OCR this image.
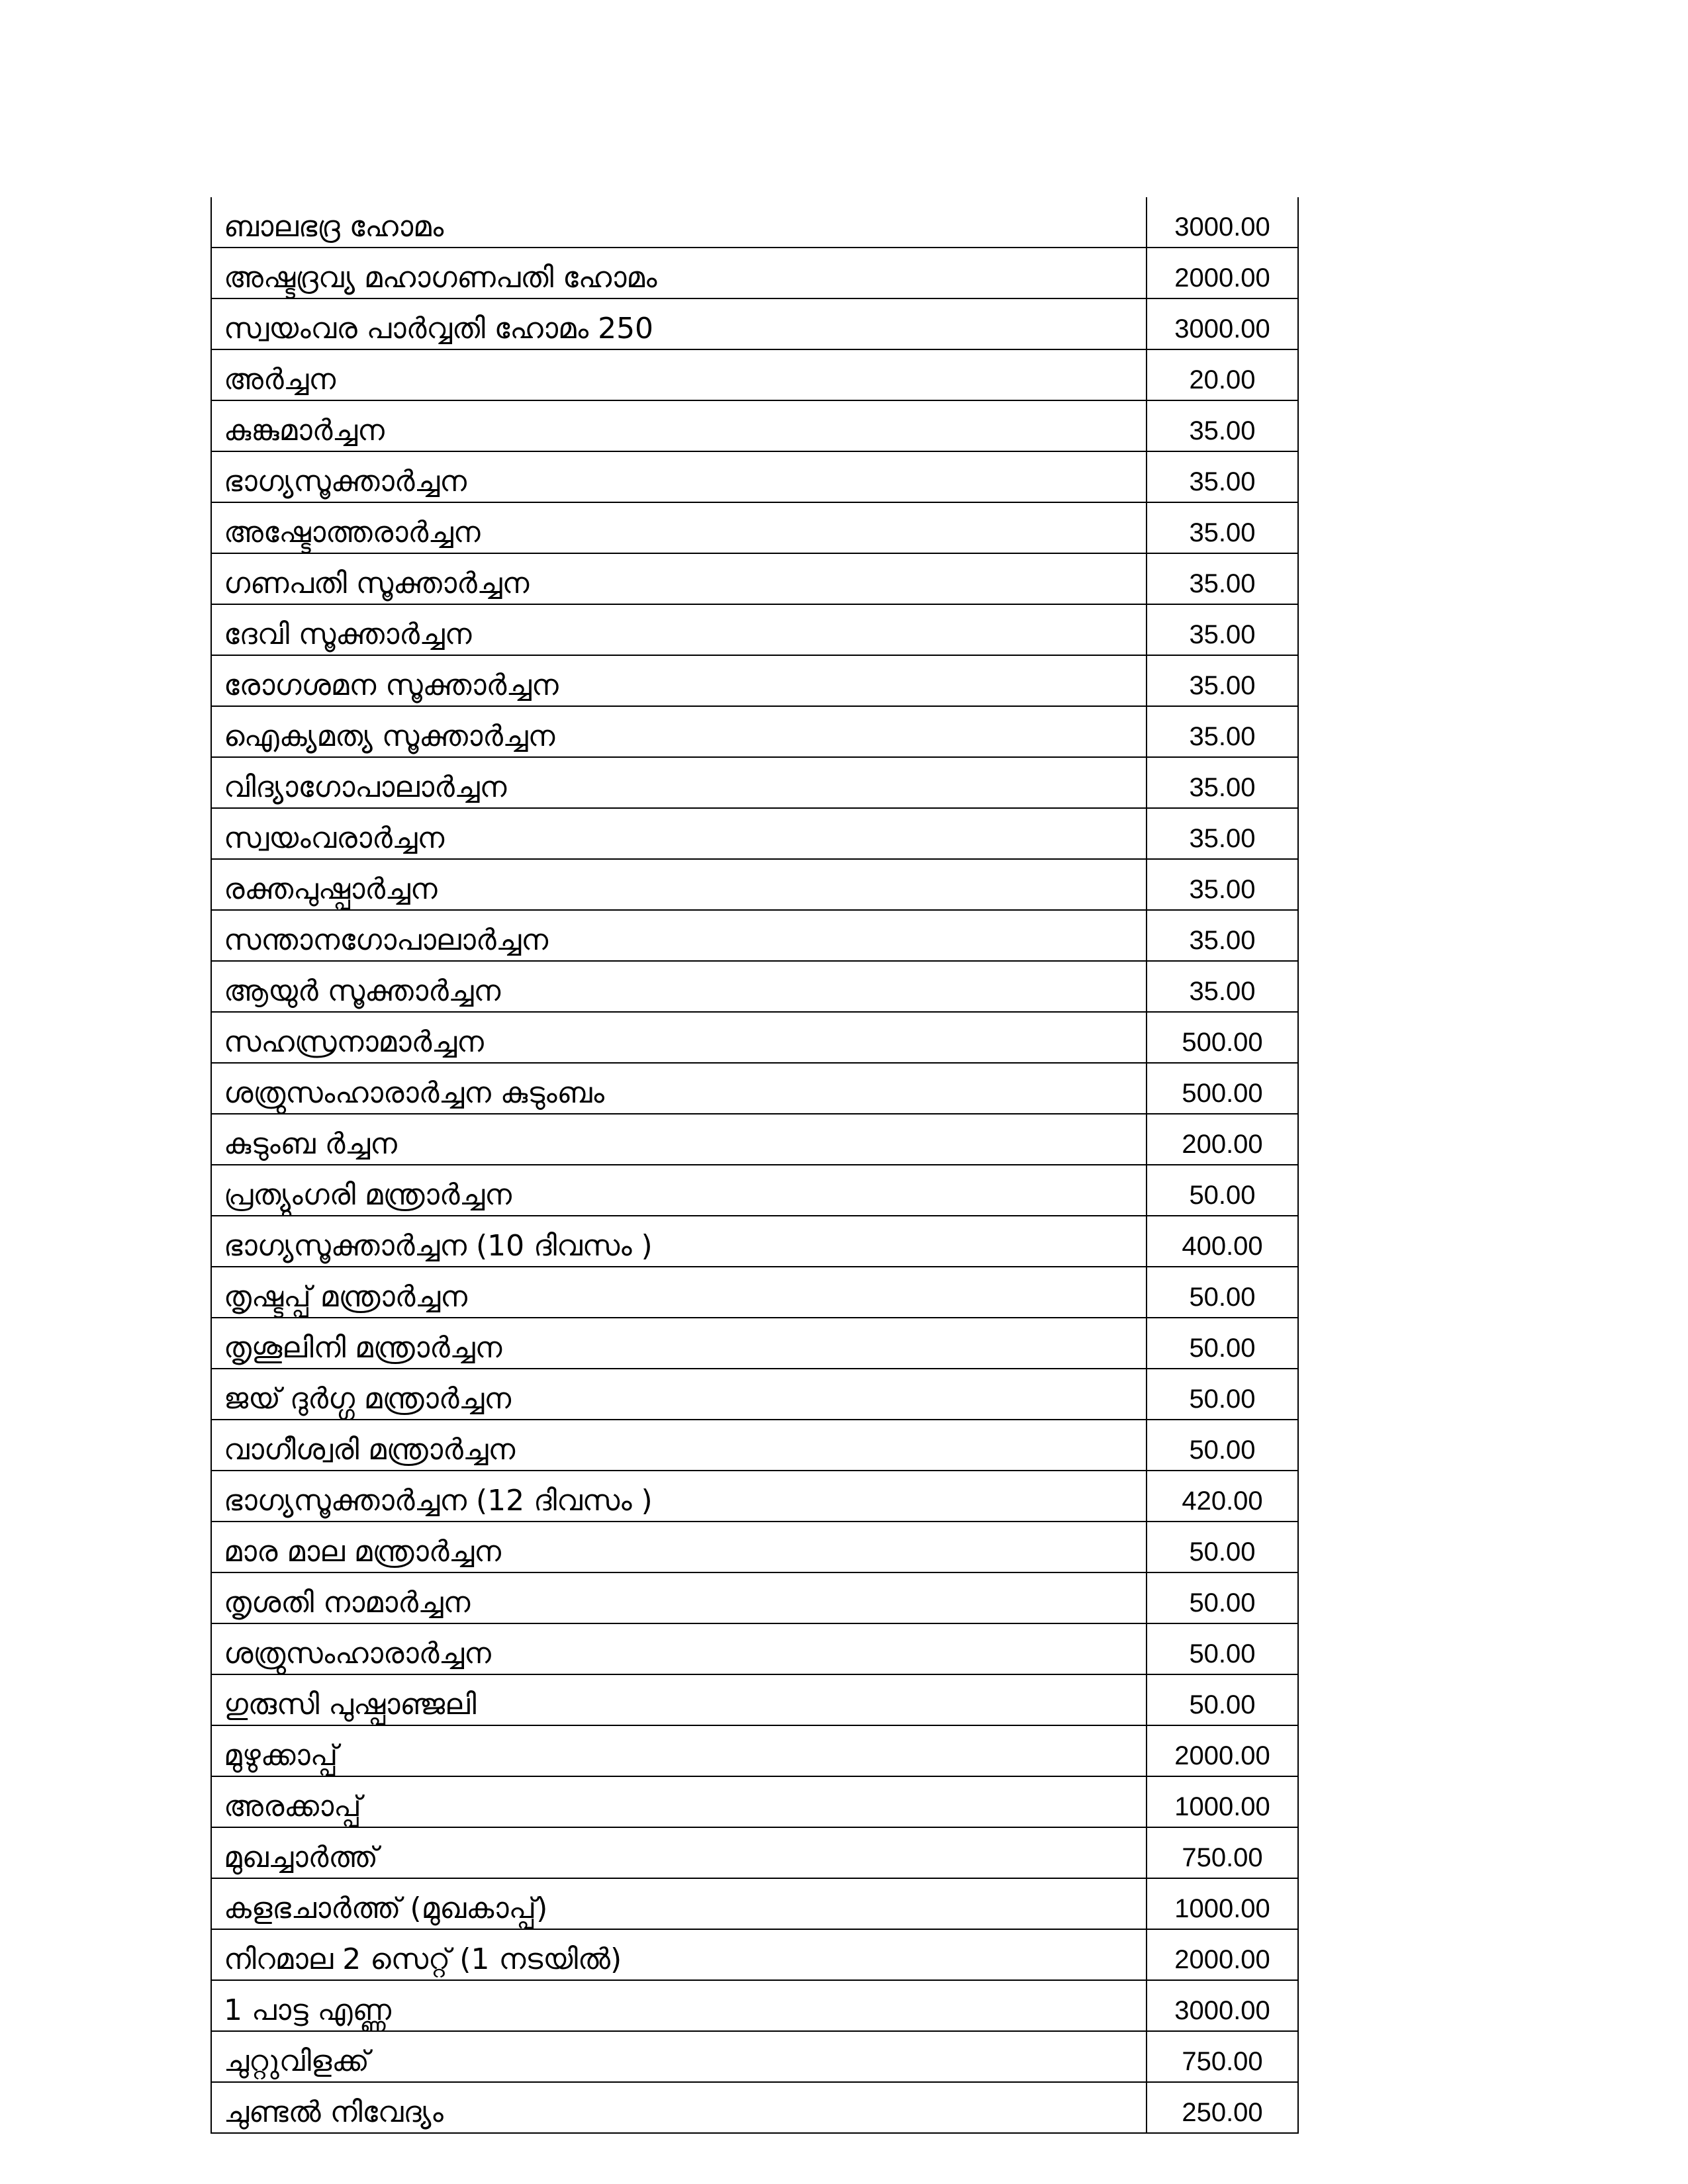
ബാലഭദ്ര ഹോമം	3000.00
അഷ്ടദ്രവ്യ മഹാഗണപതി ഹോമം	2000.00
സ്വയംവര പാർവ്വതി ഹോമം 250	3000.00
അർച്ചന	20.00
കുങ്കുമാർച്ചന	35.00
ഭാഗ്യസൂക്താർച്ചന	35.00
അഷ്ടോത്തരാർച്ചന	35.00
ഗണപതി സൂക്താർച്ചന	35.00
ദേവി സൂക്താർച്ചന	35.00
രോഗശമന സൂക്താർച്ചന	35.00
ഐക്യമത്യ സൂക്താർച്ചന	35.00
വിദ്യാഗോപാലാർച്ചന	35.00
സ്വയംവരാർച്ചന	35.00
രക്തപുഷ്പാർച്ചന	35.00
സന്താനഗോപാലാർച്ചന	35.00
ആയുർ സൂക്താർച്ചന	35.00
സഹസ്രനാമാർച്ചന	500.00
ശത്രുസംഹാരാർച്ചന കുടുംബം	500.00
കുടുംബ ർച്ചന	200.00
പ്രത്യുംഗരി മന്ത്രാർച്ചന	50.00
ഭാഗ്യസൂക്താർച്ചന (10 ദിവസം )	400.00
തൃഷ്ടുപ്പ് മന്ത്രാർച്ചന	50.00
തൃശൂലിനി മന്ത്രാർച്ചന	50.00
ജയ് ദുർഗ്ഗ മന്ത്രാർച്ചന	50.00
വാഗീശ്വരി മന്ത്രാർച്ചന	50.00
ഭാഗ്യസൂക്താർച്ചന (12 ദിവസം )	420.00
മാര മാല മന്ത്രാർച്ചന	50.00
തൃശതി നാമാർച്ചന	50.00
ശത്രുസംഹാരാർച്ചന	50.00
ഗുരുസി പുഷ്പാഞ്ജലി	50.00
മുഴുക്കാപ്പ്	2000.00
അരക്കാപ്പ്	1000.00
മുഖച്ചാർത്ത്	750.00
കളഭചാർത്ത് (മുഖകാപ്പ്)	1000.00
നിറമാല 2 സെറ്റ് (1 നടയിൽ)	2000.00
1 പാട്ട എണ്ണ	3000.00
ചുറ്റുവിളക്ക്	750.00
ചുണ്ടൽ നിവേദ്യം	250.00
